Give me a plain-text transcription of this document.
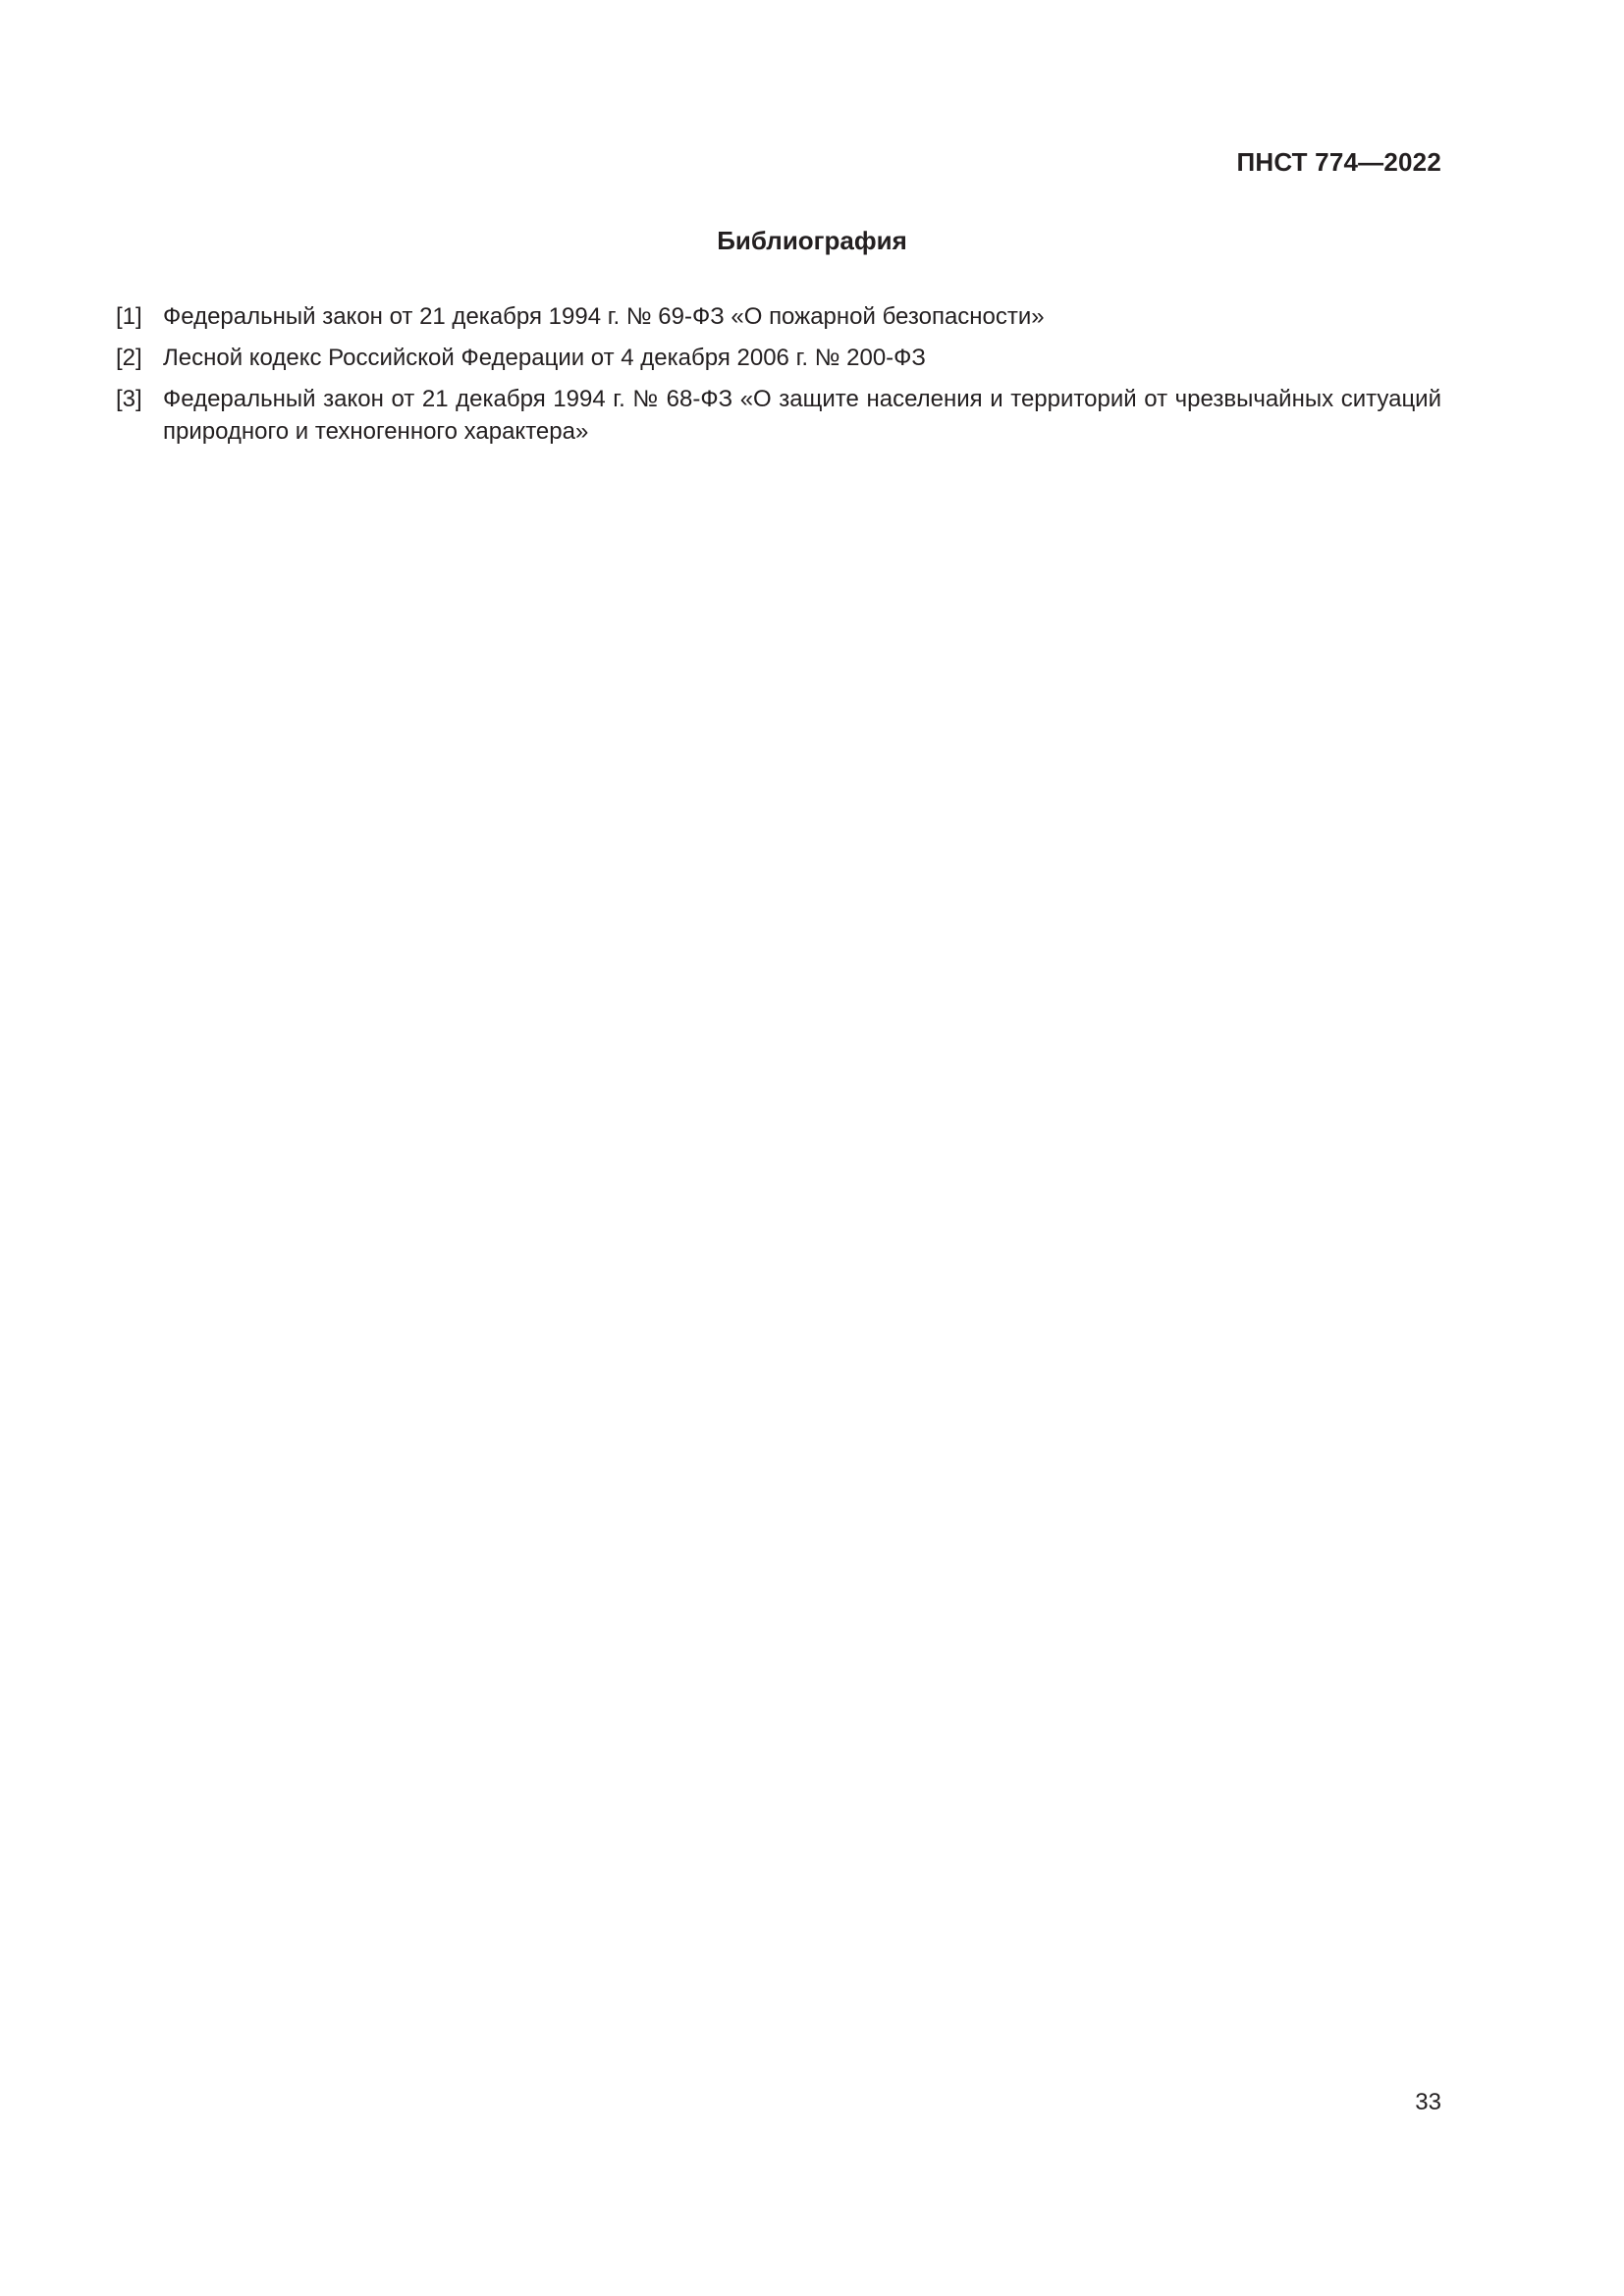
ПНСТ 774—2022
Библиография
[1] Федеральный закон от 21 декабря 1994 г. № 69-ФЗ «О пожарной безопасности»
[2] Лесной кодекс Российской Федерации от 4 декабря 2006 г. № 200-ФЗ
[3] Федеральный закон от 21 декабря 1994 г. № 68-ФЗ «О защите населения и территорий от чрезвычайных ситуаций природного и техногенного характера»
33
